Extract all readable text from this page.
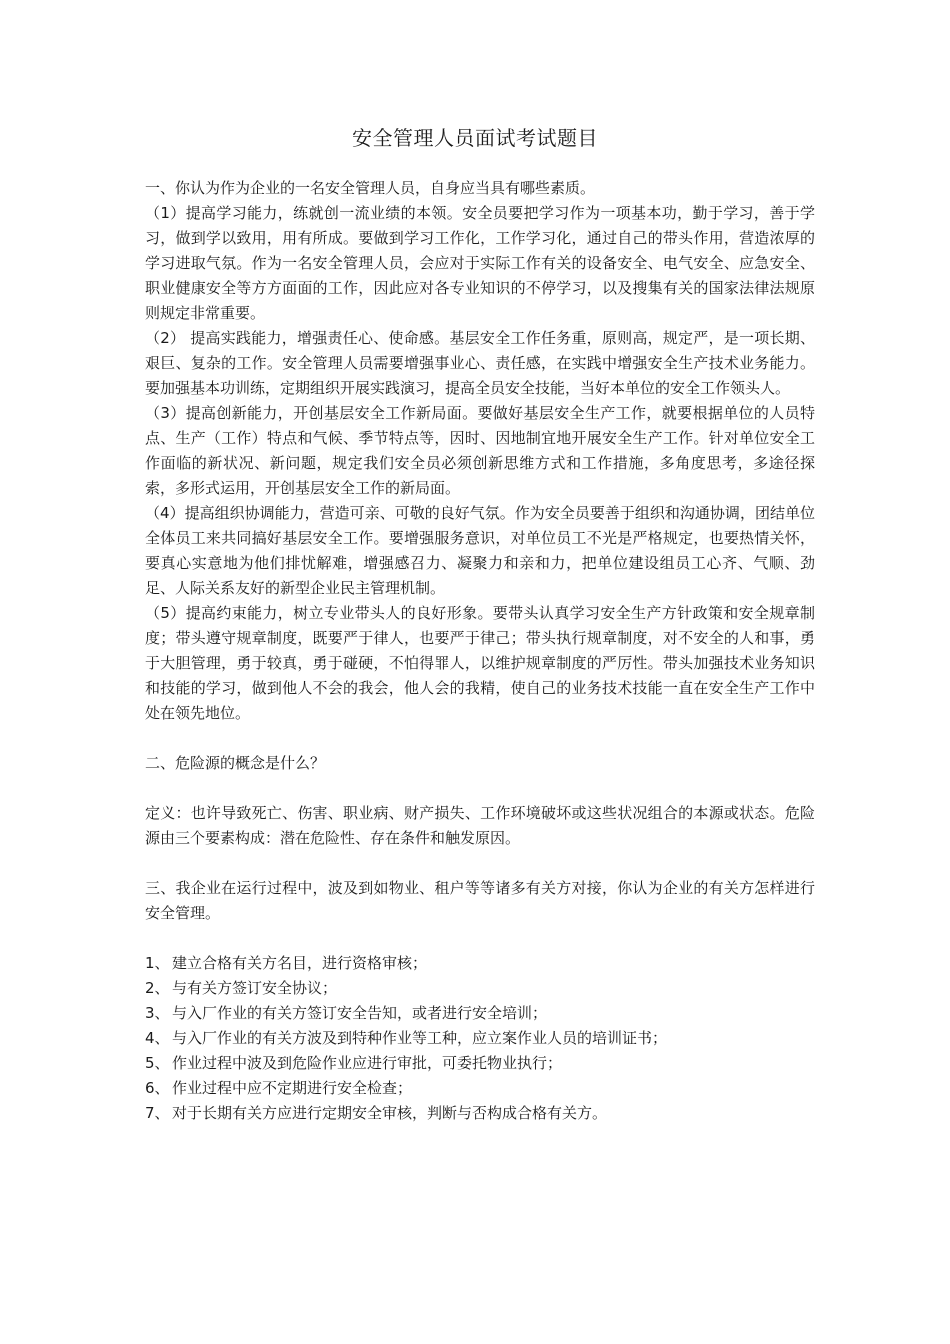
安全管理人员面试考试题目

一、你认为作为企业的一名安全管理人员，自身应当具有哪些素质。

（1）提高学习能力，练就创一流业绩的本领。安全员要把学习作为一项基本功，勤于学习，善于学习，做到学以致用，用有所成。要做到学习工作化，工作学习化，通过自己的带头作用，营造浓厚的学习进取气氛。作为一名安全管理人员，会应对于实际工作有关的设备安全、电气安全、应急安全、职业健康安全等方方面面的工作，因此应对各专业知识的不停学习，以及搜集有关的国家法律法规原则规定非常重要。

（2） 提高实践能力，增强责任心、使命感。基层安全工作任务重，原则高，规定严，是一项长期、艰巨、复杂的工作。安全管理人员需要增强事业心、责任感，在实践中增强安全生产技术业务能力。要加强基本功训练，定期组织开展实践演习，提高全员安全技能，当好本单位的安全工作领头人。

（3）提高创新能力，开创基层安全工作新局面。要做好基层安全生产工作，就要根据单位的人员特点、生产（工作）特点和气候、季节特点等，因时、因地制宜地开展安全生产工作。针对单位安全工作面临的新状况、新问题，规定我们安全员必须创新思维方式和工作措施，多角度思考，多途径探索，多形式运用，开创基层安全工作的新局面。

（4）提高组织协调能力，营造可亲、可敬的良好气氛。作为安全员要善于组织和沟通协调，团结单位全体员工来共同搞好基层安全工作。要增强服务意识，对单位员工不光是严格规定，也要热情关怀，要真心实意地为他们排忧解难，增强感召力、凝聚力和亲和力，把单位建设组员工心齐、气顺、劲足、人际关系友好的新型企业民主管理机制。

（5）提高约束能力，树立专业带头人的良好形象。要带头认真学习安全生产方针政策和安全规章制度；带头遵守规章制度，既要严于律人，也要严于律己；带头执行规章制度，对不安全的人和事，勇于大胆管理，勇于较真，勇于碰硬，不怕得罪人，以维护规章制度的严厉性。带头加强技术业务知识和技能的学习，做到他人不会的我会，他人会的我精，使自己的业务技术技能一直在安全生产工作中处在领先地位。

二、危险源的概念是什么？

定义：也许导致死亡、伤害、职业病、财产损失、工作环境破坏或这些状况组合的本源或状态。危险源由三个要素构成：潜在危险性、存在条件和触发原因。

三、我企业在运行过程中，波及到如物业、租户等等诸多有关方对接，你认为企业的有关方怎样进行安全管理。

1、 建立合格有关方名目，进行资格审核；
2、 与有关方签订安全协议；
3、 与入厂作业的有关方签订安全告知，或者进行安全培训；
4、 与入厂作业的有关方波及到特种作业等工种，应立案作业人员的培训证书；
5、 作业过程中波及到危险作业应进行审批，可委托物业执行；
6、 作业过程中应不定期进行安全检查；
7、 对于长期有关方应进行定期安全审核，判断与否构成合格有关方。
